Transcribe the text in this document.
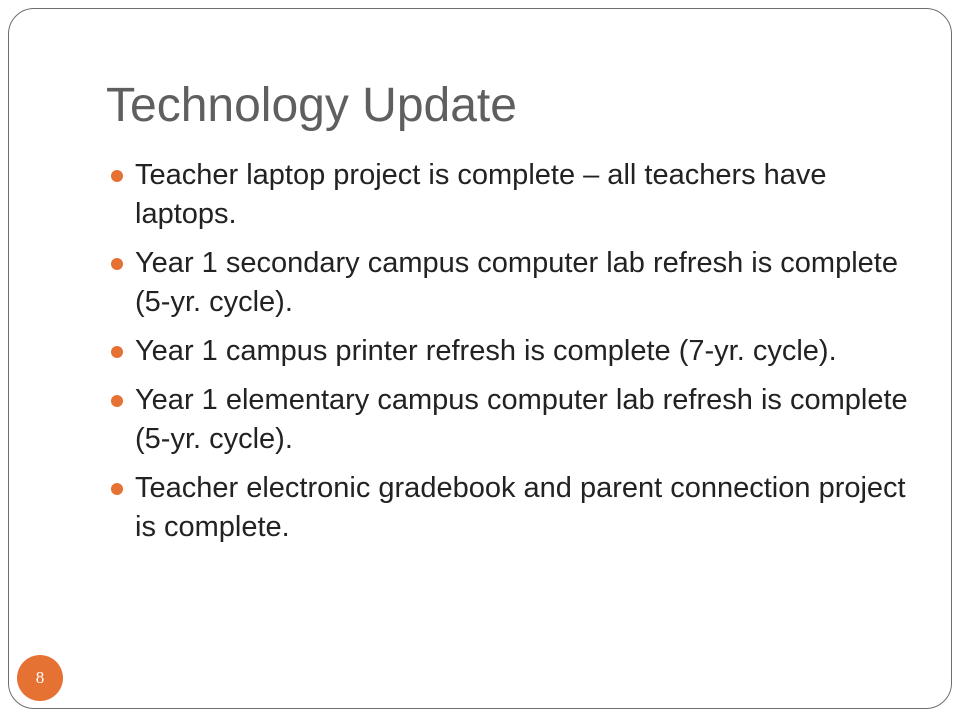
Technology Update
Teacher laptop project is complete – all teachers have laptops.
Year 1 secondary campus computer lab refresh is complete (5-yr. cycle).
Year 1 campus printer refresh is complete (7-yr. cycle).
Year 1 elementary campus computer lab refresh is complete (5-yr. cycle).
Teacher electronic gradebook and parent connection project is complete.
8
